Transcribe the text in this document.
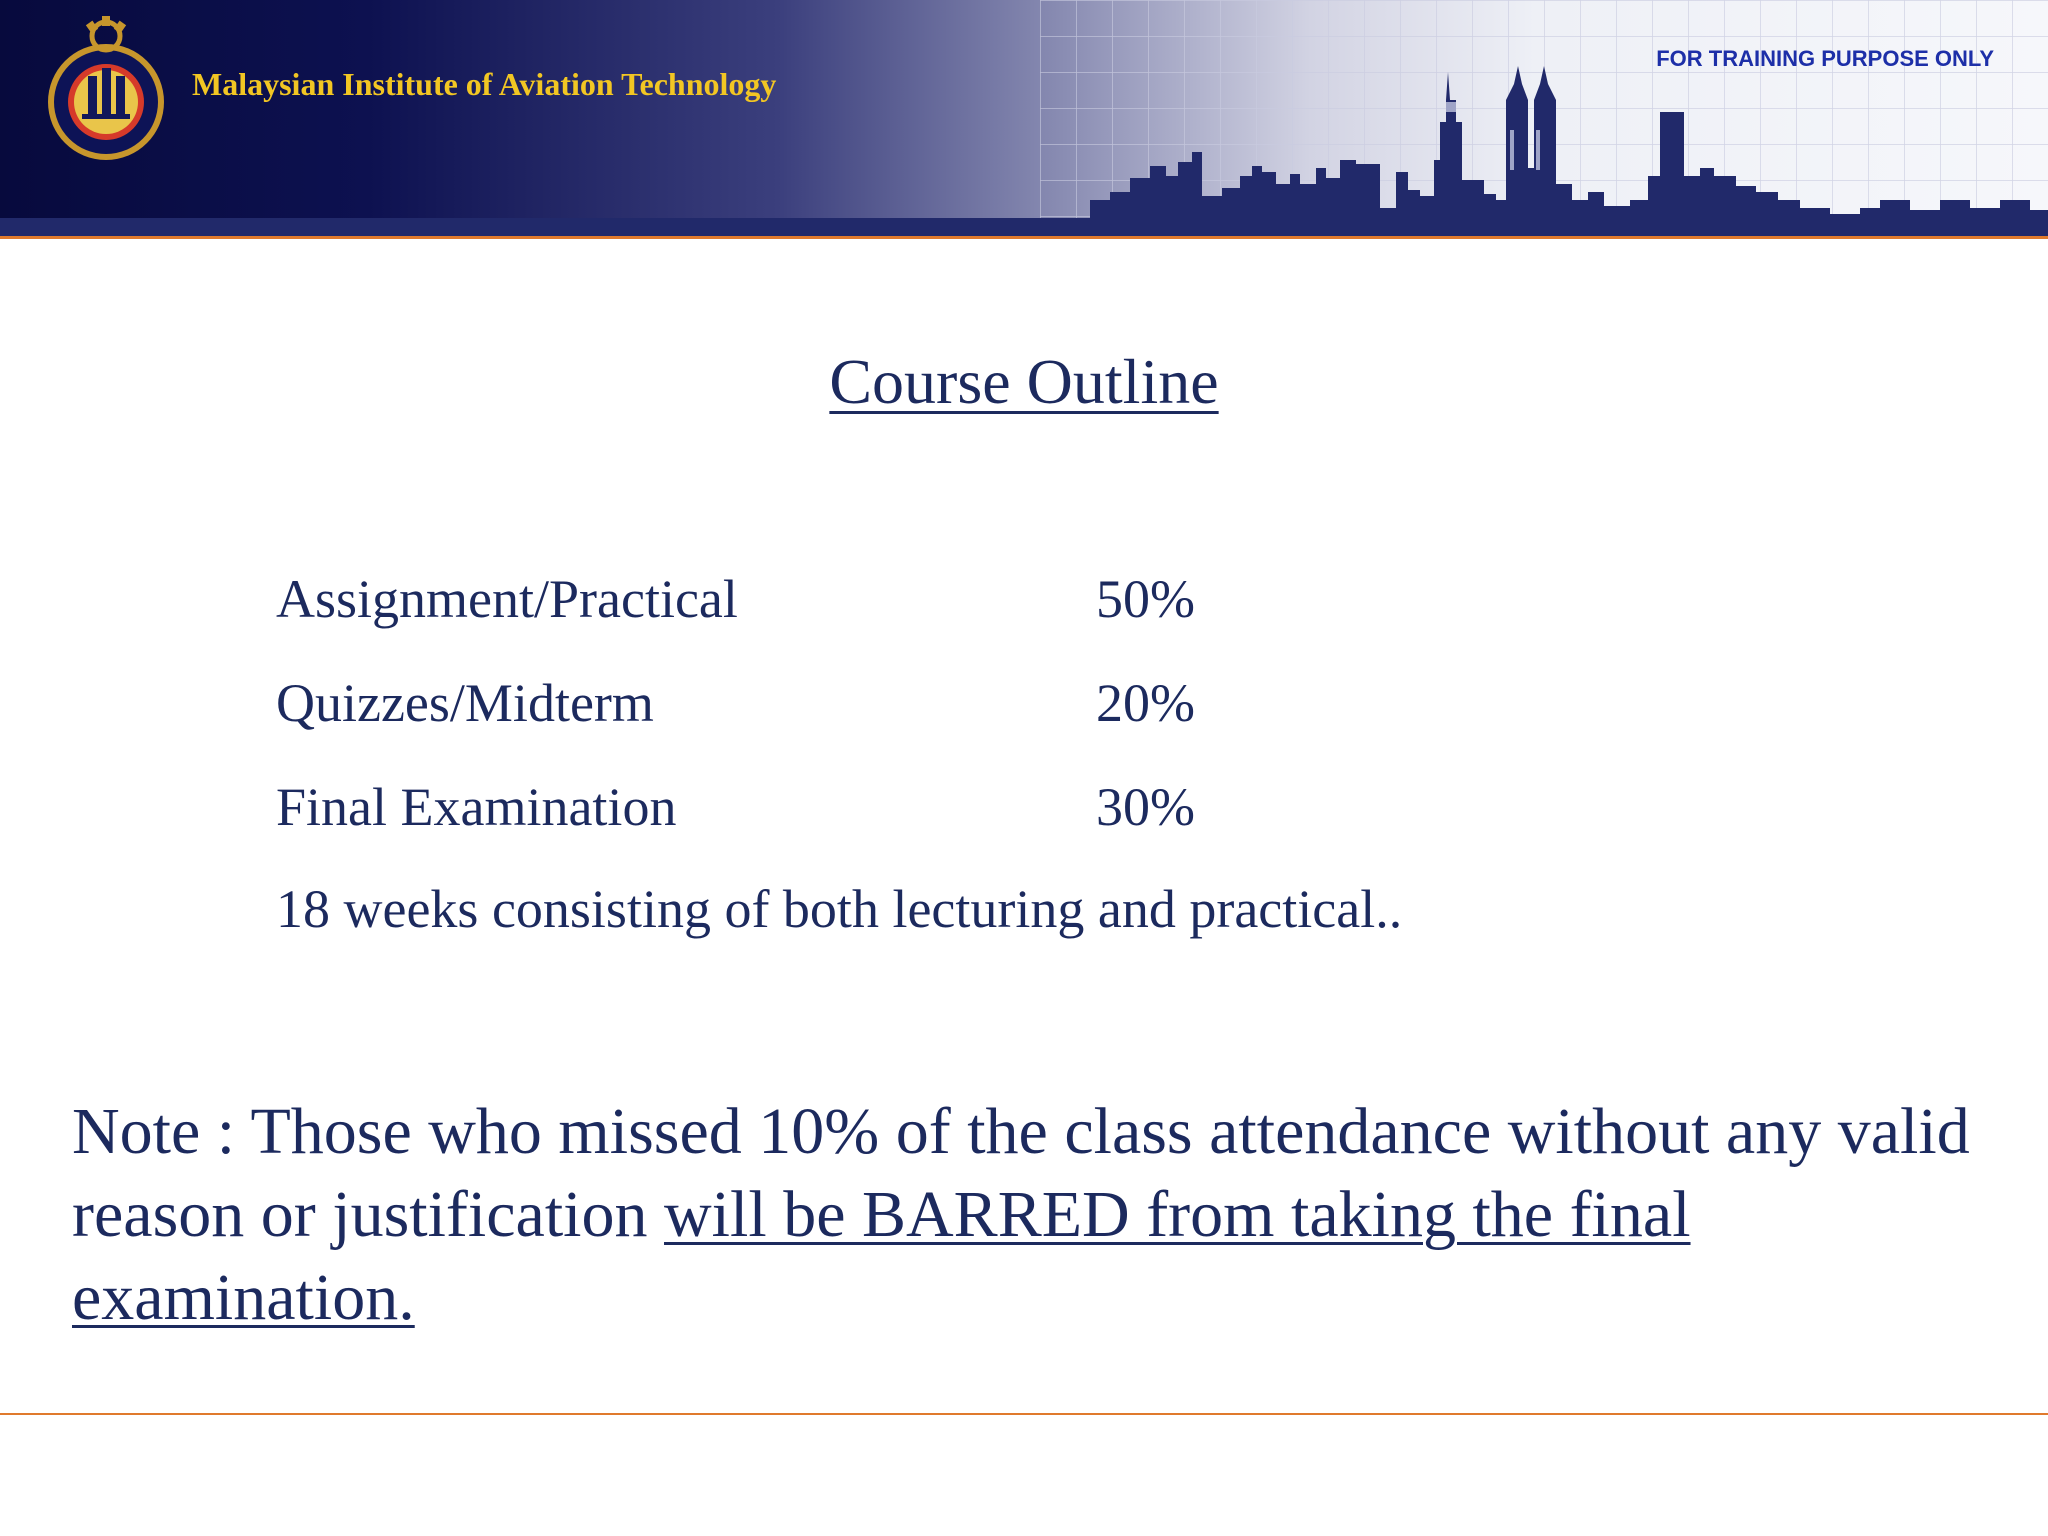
Malaysian Institute of Aviation Technology
FOR TRAINING PURPOSE ONLY
Course Outline
Assignment/Practical	50%
Quizzes/Midterm	20%
Final Examination	30%
18 weeks consisting of both lecturing and practical..
Note : Those who missed 10% of the class attendance without any valid reason or justification will be BARRED from taking the final examination.
